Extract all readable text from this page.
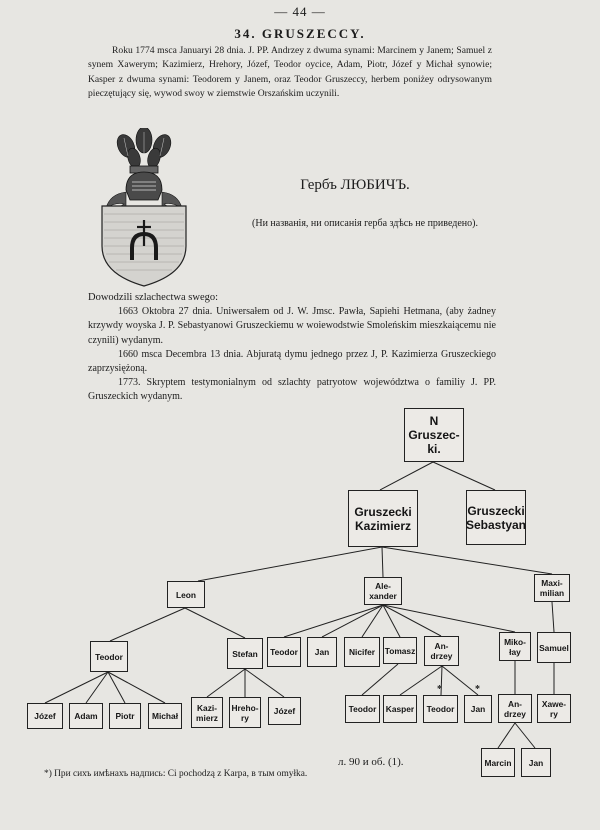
— 44 —
34. GRUSZECCY.

Roku 1774 msca Januaryi 28 dnia. J. PP. Andrzey z dwuma synami: Marcinem y Janem; Samuel z synem Xawerym; Kazimierz, Hrehory, Józef, Teodor oycice, Adam, Piotr, Józef y Michał synowie; Kasper z dwuma synami: Teodorem y Janem, oraz Teodor Gruszecсy, herbem poniżey odrysowanym pieczętujący się, wywod swoy w ziemstwie Orszańskim uczynili.

Гербъ ЛЮБИЧЪ.
(Ни названія, ни описанія герба здѣсь не приведено).

Dowodzili szlachectwa swego:

1663 Oktobra 27 dnia. Uniwersałem od J. W. Jmsc. Pawła, Sapiehi Hetmana, (aby żadney krzywdy woyska J. P. Sebastyanowi Gruszeckiemu w woiewodstwie Smoleńskim mieszkaiącemu nie czynili) wydanym.

1660 msca Decembra 13 dnia. Abjuratą dymu jednego przez J, P. Kazimierza Gruszeckiego zaprzysiężoną.

1773. Skryptem testymonialnym od szlachty patryotow województwa o familiy J. PP. Gruszeckich wydanym.

N
Gruszec-
ki.
Gruszecki
Kazimierz
Gruszecki
Sebastyan
Leon
Ale-
xander
Maxi-
milian
Teodor	Stefan	Teodor	Jan	Nicifer	Tomasz	An-
drzey
Miko-
łay	Samuel
Józef	Adam	Piotr	Michał
Kazi-
mierz
Hreho-
ry
Józef	Teodor	Kasper	Teodor	Jan
An-
drzey
Xawe-
ry
Marcin	Jan
*	*
л. 90 и об. (1).
*) При сихъ имѣнахъ надпись: Ci pochodzą z Karpa, в тым omyłka.
